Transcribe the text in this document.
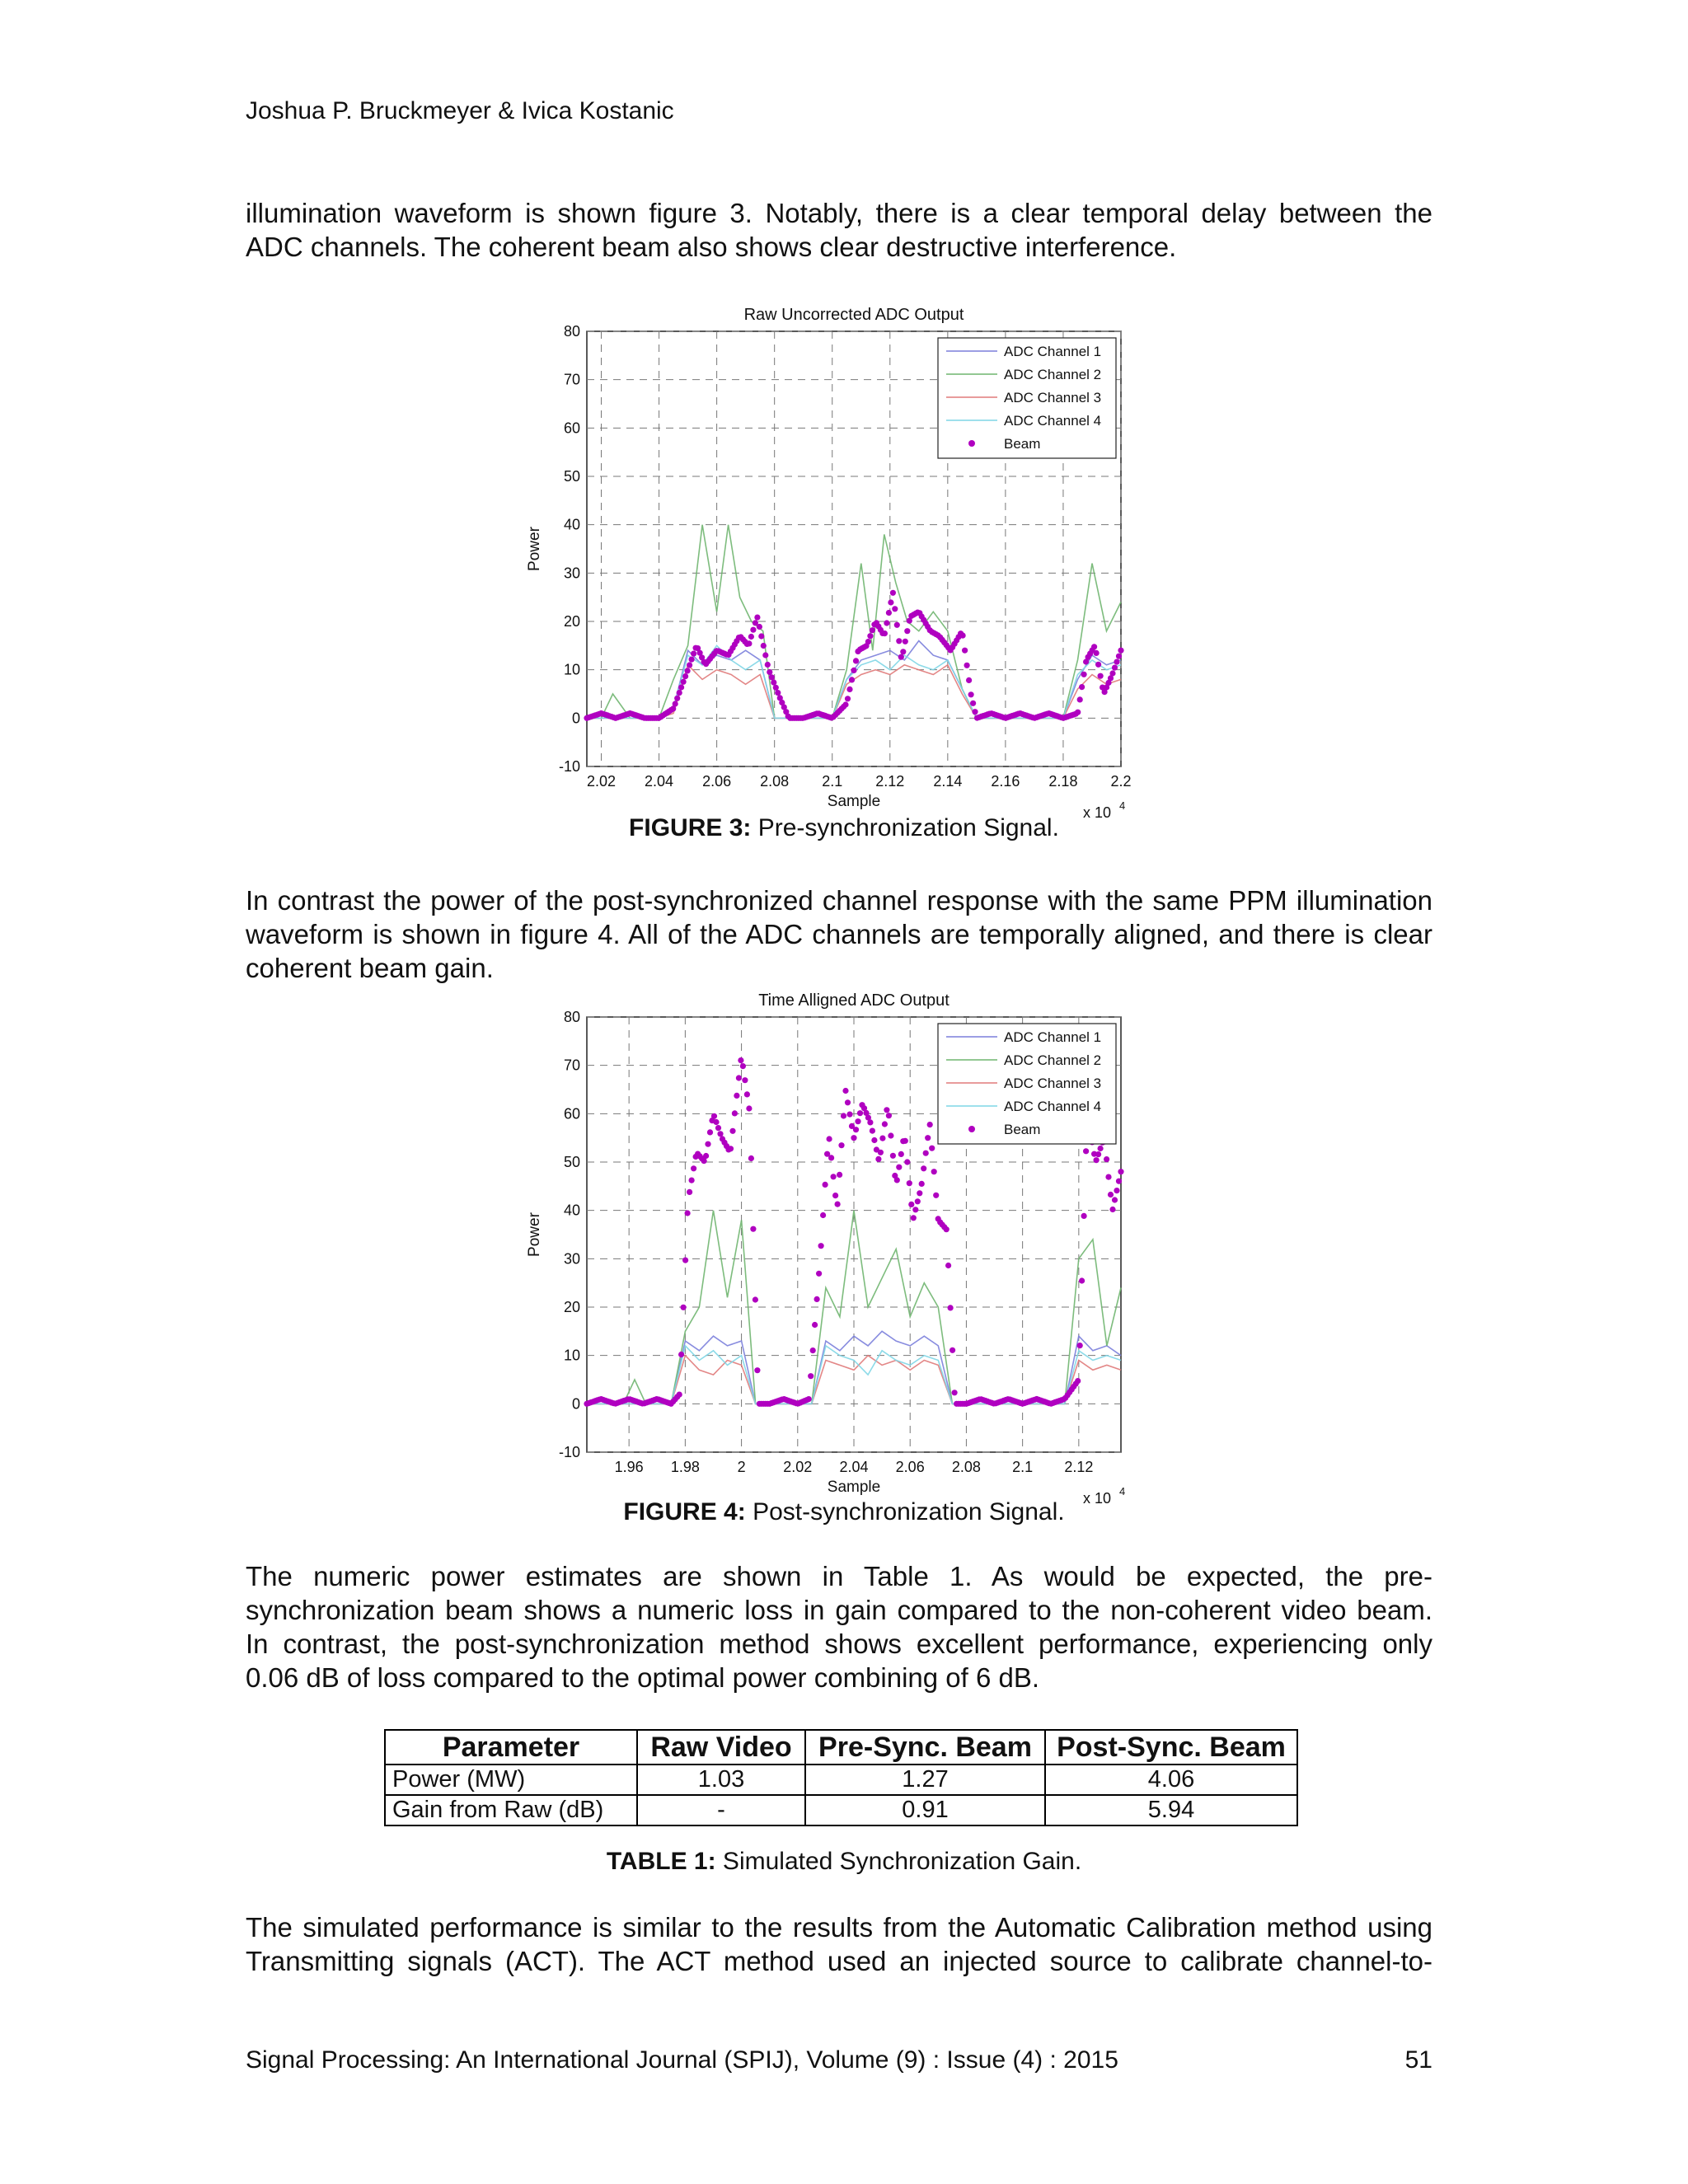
Joshua P. Bruckmeyer & Ivica Kostanic
illumination waveform is shown figure 3. Notably, there is a clear temporal delay between the
ADC channels. The coherent beam also shows clear destructive interference.
Raw Uncorrected ADC Output
2.02 2.04 2.06 2.08 2.1 2.12 2.14 2.16 2.18 2.2
-10
0
10
20
30
40
50
60
70
80
Sample
Power
x 10 4
ADC Channel 1
ADC Channel 2
ADC Channel 3
ADC Channel 4
Beam
FIGURE 3: Pre-synchronization Signal.
In contrast the power of the post-synchronized channel response with the same PPM illumination
waveform is shown in figure 4. All of the ADC channels are temporally aligned, and there is clear
coherent beam gain.
Time Alligned ADC Output
1.96 1.98	2	2.02 2.04 2.06 2.08 2.1 2.12
-10
0
10
20
30
40
50
60
70
80
Sample
Power
x 10 4
ADC Channel 1
ADC Channel 2
ADC Channel 3
ADC Channel 4
Beam
FIGURE 4: Post-synchronization Signal.
The numeric power estimates are shown in Table 1. As would be expected, the pre-
synchronization beam shows a numeric loss in gain compared to the non-coherent video beam.
In contrast, the post-synchronization method shows excellent performance, experiencing only
0.06 dB of loss compared to the optimal power combining of 6 dB.
Parameter	Raw Video	Pre-Sync. Beam	Post-Sync. Beam
Power (MW)	1.03	1.27	4.06
Gain from Raw (dB)	-	0.91	5.94
TABLE 1: Simulated Synchronization Gain.
The simulated performance is similar to the results from the Automatic Calibration method using
Transmitting signals (ACT). The ACT method used an injected source to calibrate channel-to-
Signal Processing: An International Journal (SPIJ), Volume (9) : Issue (4) : 2015	51
